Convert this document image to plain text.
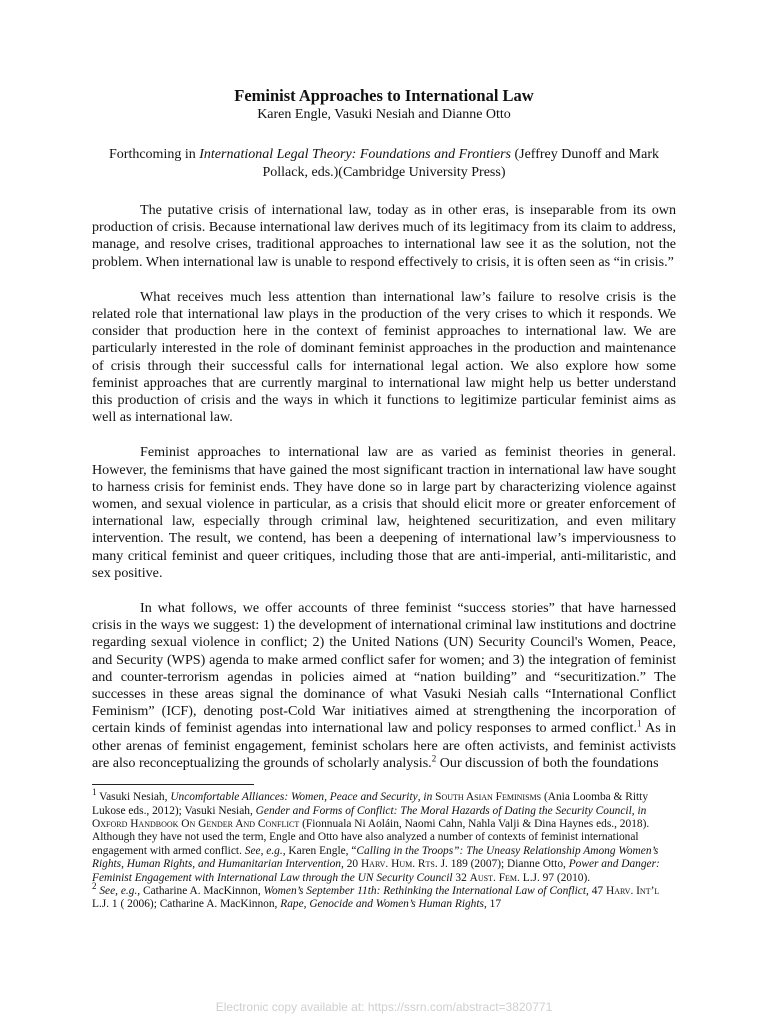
Feminist Approaches to International Law

Karen Engle, Vasuki Nesiah and Dianne Otto

Forthcoming in International Legal Theory: Foundations and Frontiers (Jeffrey Dunoff and Mark Pollack, eds.)(Cambridge University Press)

The putative crisis of international law, today as in other eras, is inseparable from its own production of crisis. Because international law derives much of its legitimacy from its claim to address, manage, and resolve crises, traditional approaches to international law see it as the solution, not the problem. When international law is unable to respond effectively to crisis, it is often seen as “in crisis.”

What receives much less attention than international law’s failure to resolve crisis is the related role that international law plays in the production of the very crises to which it responds. We consider that production here in the context of feminist approaches to international law. We are particularly interested in the role of dominant feminist approaches in the production and maintenance of crisis through their successful calls for international legal action. We also explore how some feminist approaches that are currently marginal to international law might help us better understand this production of crisis and the ways in which it functions to legitimize particular feminist aims as well as international law.

Feminist approaches to international law are as varied as feminist theories in general. However, the feminisms that have gained the most significant traction in international law have sought to harness crisis for feminist ends. They have done so in large part by characterizing violence against women, and sexual violence in particular, as a crisis that should elicit more or greater enforcement of international law, especially through criminal law, heightened securitization, and even military intervention. The result, we contend, has been a deepening of international law’s imperviousness to many critical feminist and queer critiques, including those that are anti-imperial, anti-militaristic, and sex positive.

In what follows, we offer accounts of three feminist “success stories” that have harnessed crisis in the ways we suggest: 1) the development of international criminal law institutions and doctrine regarding sexual violence in conflict; 2) the United Nations (UN) Security Council's Women, Peace, and Security (WPS) agenda to make armed conflict safer for women; and 3) the integration of feminist and counter-terrorism agendas in policies aimed at “nation building” and “securitization.” The successes in these areas signal the dominance of what Vasuki Nesiah calls “International Conflict Feminism” (ICF), denoting post-Cold War initiatives aimed at strengthening the incorporation of certain kinds of feminist agendas into international law and policy responses to armed conflict.$^1$ As in other arenas of feminist engagement, feminist scholars here are often activists, and feminist activists are also reconceptualizing the grounds of scholarly analysis.$^2$ Our discussion of both the foundations

$^1$ Vasuki Nesiah, Uncomfortable Alliances: Women, Peace and Security, in South Asian Feminisms (Ania Loomba & Ritty Lukose eds., 2012); Vasuki Nesiah, Gender and Forms of Conflict: The Moral Hazards of Dating the Security Council, in Oxford Handbook On Gender And Conflict (Fionnuala Ni Aoláin, Naomi Cahn, Nahla Valji & Dina Haynes eds., 2018). Although they have not used the term, Engle and Otto have also analyzed a number of contexts of feminist international engagement with armed conflict. See, e.g., Karen Engle, “Calling in the Troops”: The Uneasy Relationship Among Women’s Rights, Human Rights, and Humanitarian Intervention, 20 Harv. Hum. Rts. J. 189 (2007); Dianne Otto, Power and Danger: Feminist Engagement with International Law through the UN Security Council 32 Aust. Fem. L.J. 97 (2010).

$^2$ See, e.g., Catharine A. MacKinnon, Women’s September 11th: Rethinking the International Law of Conflict, 47 Harv. Int’l L.J. 1 ( 2006); Catharine A. MacKinnon, Rape, Genocide and Women’s Human Rights, 17

Electronic copy available at: https://ssrn.com/abstract=3820771
